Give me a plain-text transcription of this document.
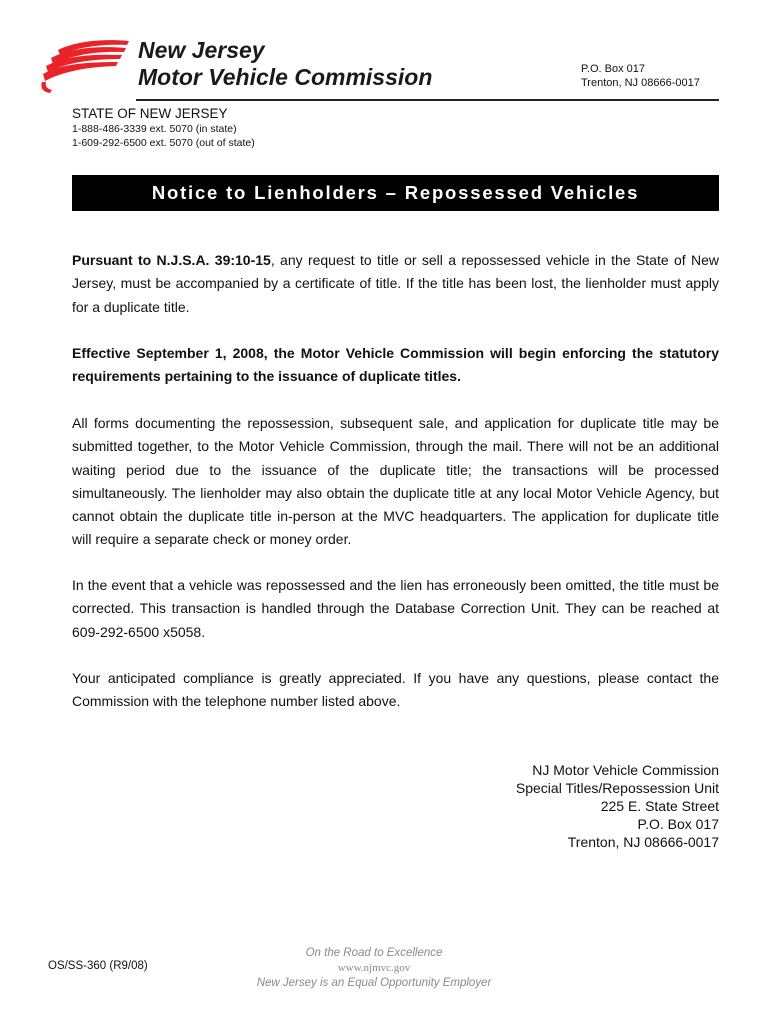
New Jersey
Motor Vehicle Commission	P.O. Box 017
Trenton, NJ 08666-0017
STATE OF NEW JERSEY
1-888-486-3339 ext. 5070 (in state)
1-609-292-6500 ext. 5070 (out of state)
Notice to Lienholders – Repossessed Vehicles

Pursuant to N.J.S.A. 39:10-15, any request to title or sell a repossessed vehicle in the State of New Jersey, must be accompanied by a certificate of title. If the title has been lost, the lienholder must apply for a duplicate title.

Effective September 1, 2008, the Motor Vehicle Commission will begin enforcing the statutory requirements pertaining to the issuance of duplicate titles.

All forms documenting the repossession, subsequent sale, and application for duplicate title may be submitted together, to the Motor Vehicle Commission, through the mail. There will not be an additional waiting period due to the issuance of the duplicate title; the transactions will be processed simultaneously. The lienholder may also obtain the duplicate title at any local Motor Vehicle Agency, but cannot obtain the duplicate title in-person at the MVC headquarters. The application for duplicate title will require a separate check or money order.

In the event that a vehicle was repossessed and the lien has erroneously been omitted, the title must be corrected. This transaction is handled through the Database Correction Unit. They can be reached at 609-292-6500 x5058.

Your anticipated compliance is greatly appreciated. If you have any questions, please contact the Commission with the telephone number listed above.

NJ Motor Vehicle Commission
Special Titles/Repossession Unit
225 E. State Street
P.O. Box 017
Trenton, NJ 08666-0017
OS/SS-360 (R9/08)
On the Road to Excellence
www.njmvc.gov
New Jersey is an Equal Opportunity Employer
